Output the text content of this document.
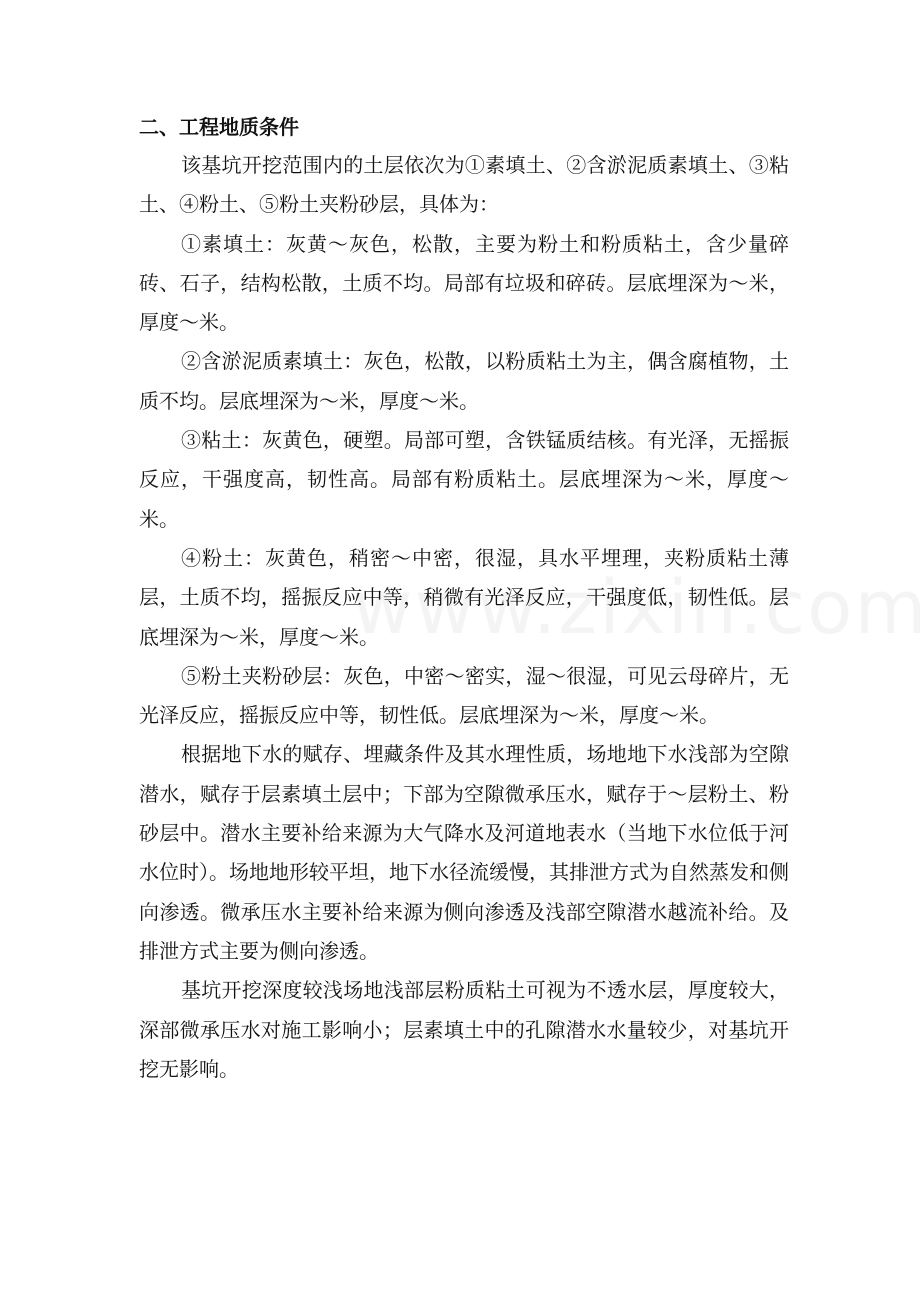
二、工程地质条件

该基坑开挖范围内的土层依次为①素填土、②含淤泥质素填土、③粘土、④粉土、⑤粉土夹粉砂层，具体为：

①素填土：灰黄～灰色，松散，主要为粉土和粉质粘土，含少量碎砖、石子，结构松散，土质不均。局部有垃圾和碎砖。层底埋深为～米，厚度～米。

②含淤泥质素填土：灰色，松散，以粉质粘土为主，偶含腐植物，土质不均。层底埋深为～米，厚度～米。

③粘土：灰黄色，硬塑。局部可塑，含铁锰质结核。有光泽，无摇振反应，干强度高，韧性高。局部有粉质粘土。层底埋深为～米，厚度～米。

④粉土：灰黄色，稍密～中密，很湿，具水平埋理，夹粉质粘土薄层，土质不均，摇振反应中等，稍微有光泽反应，干强度低，韧性低。层底埋深为～米，厚度～米。

⑤粉土夹粉砂层：灰色，中密～密实，湿～很湿，可见云母碎片，无光泽反应，摇振反应中等，韧性低。层底埋深为～米，厚度～米。

根据地下水的赋存、埋藏条件及其水理性质，场地地下水浅部为空隙潜水，赋存于层素填土层中；下部为空隙微承压水，赋存于～层粉土、粉砂层中。潜水主要补给来源为大气降水及河道地表水（当地下水位低于河水位时）。场地地形较平坦，地下水径流缓慢，其排泄方式为自然蒸发和侧向渗透。微承压水主要补给来源为侧向渗透及浅部空隙潜水越流补给。及排泄方式主要为侧向渗透。

基坑开挖深度较浅场地浅部层粉质粘土可视为不透水层，厚度较大，深部微承压水对施工影响小；层素填土中的孔隙潜水水量较少，对基坑开挖无影响。
